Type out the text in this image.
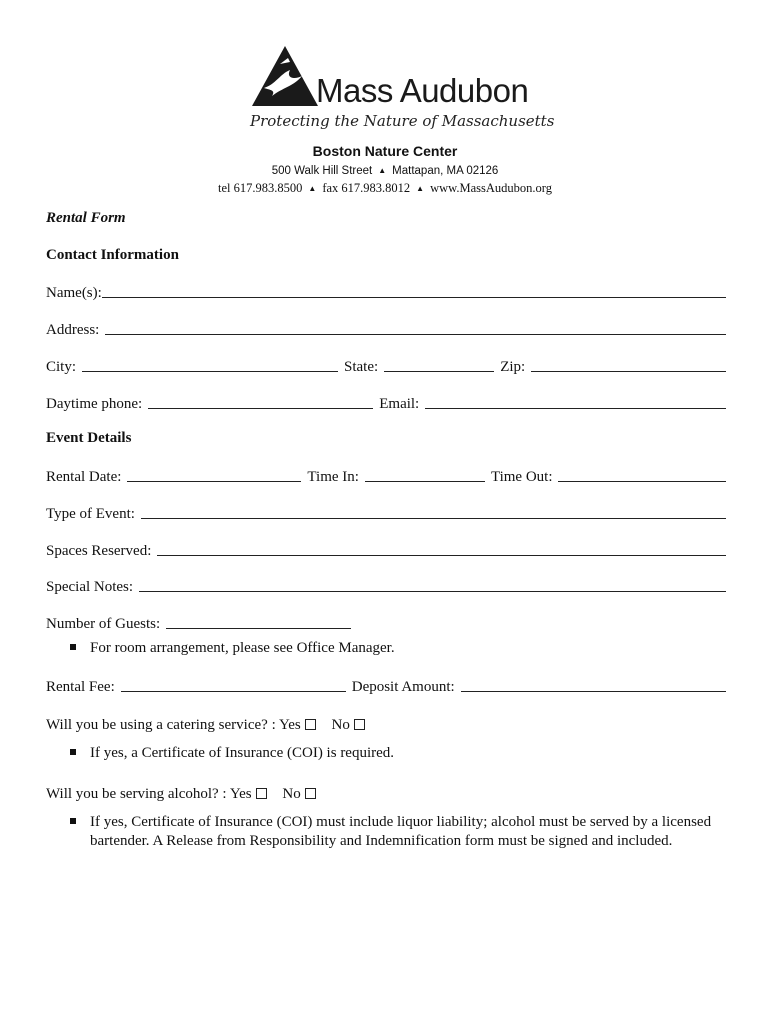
Mass Audubon
Protecting the Nature of Massachusetts
Boston Nature Center
500 Walk Hill Street ▲ Mattapan, MA 02126
tel 617.983.8500 ▲ fax 617.983.8012 ▲ www.MassAudubon.org
Rental Form
Contact Information
Name(s):
Address:
City:	State:	Zip:
Daytime phone:	Email:
Event Details
Rental Date:	Time In:	Time Out:
Type of Event:
Spaces Reserved:
Special Notes:
Number of Guests:
For room arrangement, please see Office Manager.
Rental Fee:	Deposit Amount:
Will you be using a catering service? : Yes No
If yes, a Certificate of Insurance (COI) is required.
Will you be serving alcohol? : Yes No
If yes, Certificate of Insurance (COI) must include liquor liability; alcohol must be served by a licensed bartender. A Release from Responsibility and Indemnification form must be signed and included.
